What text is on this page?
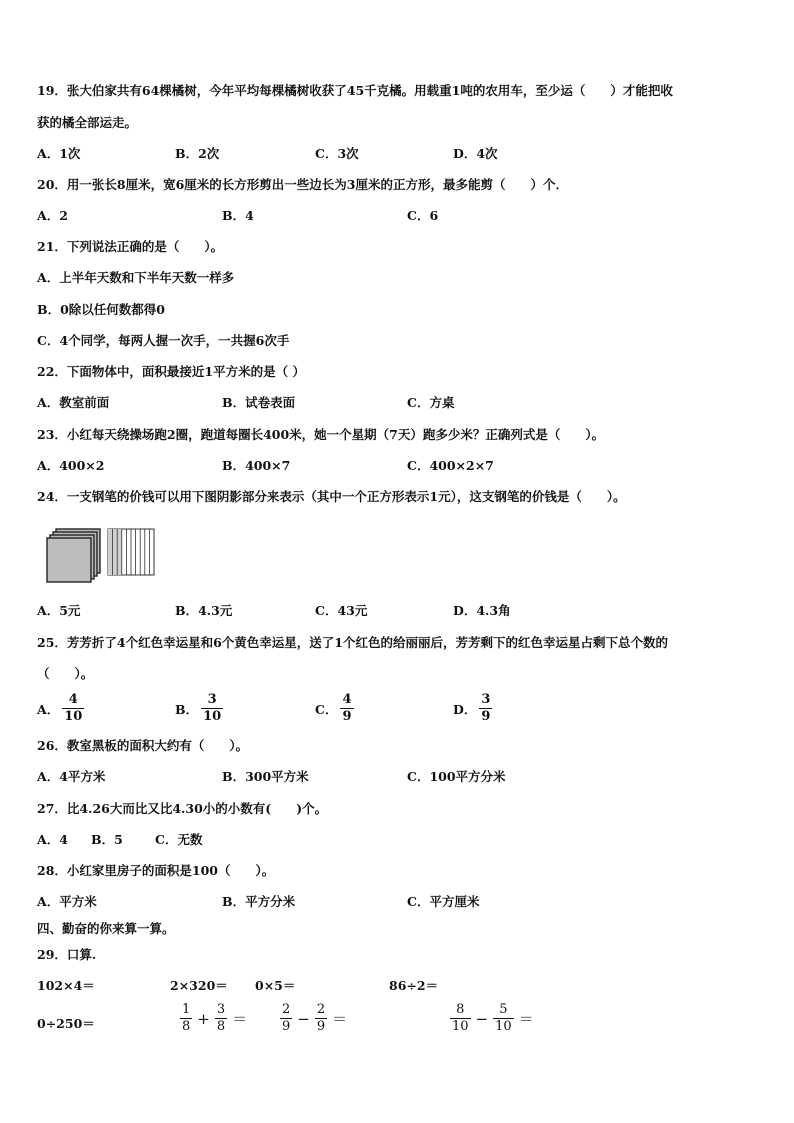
19．张大伯家共有64棵橘树，今年平均每棵橘树收获了45千克橘。用载重1吨的农用车，至少运（　　）才能把收
获的橘全部运走。
A．1次	B．2次	C．3次	D．4次
20．用一张长8厘米，宽6厘米的长方形剪出一些边长为3厘米的正方形，最多能剪（　　）个．
A．2	B．4	C．6
21．下列说法正确的是（　　）。
A．上半年天数和下半年天数一样多
B．0除以任何数都得0
C．4个同学，每两人握一次手，一共握6次手
22．下面物体中，面积最接近1平方米的是（ ）
A．教室前面	B．试卷表面	C．方桌
23．小红每天绕操场跑2圈，跑道每圈长400米，她一个星期（7天）跑多少米？正确列式是（　　）。
A．400×2	B．400×7	C．400×2×7
24．一支钢笔的价钱可以用下图阴影部分来表示（其中一个正方形表示1元），这支钢笔的价钱是（　　）。
A．5元	B．4.3元	C．43元	D．4.3角
25．芳芳折了4个红色幸运星和6个黄色幸运星，送了1个红色的给丽丽后，芳芳剩下的红色幸运星占剩下总个数的
（　　）。
A． $\frac{4}{10}$	B． $\frac{3}{10}$	C． $\frac{4}{9}$	D． $\frac{3}{9}$
26．教室黑板的面积大约有（　　）。
A．4平方米	B．300平方米	C．100平方分米
27．比4.26大而比又比4.30小的小数有(　　)个。
A．4 B．5	C．无数
28．小红家里房子的面积是100（　　）。
A．平方米	B．平方分米	C．平方厘米
四、勤奋的你来算一算。
29．口算.
102×4＝	2×320＝ 0×5＝	86÷2＝
0÷250＝	$\frac{1}{8} + \frac{3}{8}$ ＝	$\frac{2}{9} - \frac{2}{9}$ ＝	$\frac{8}{10} - \frac{5}{10}$ ＝
